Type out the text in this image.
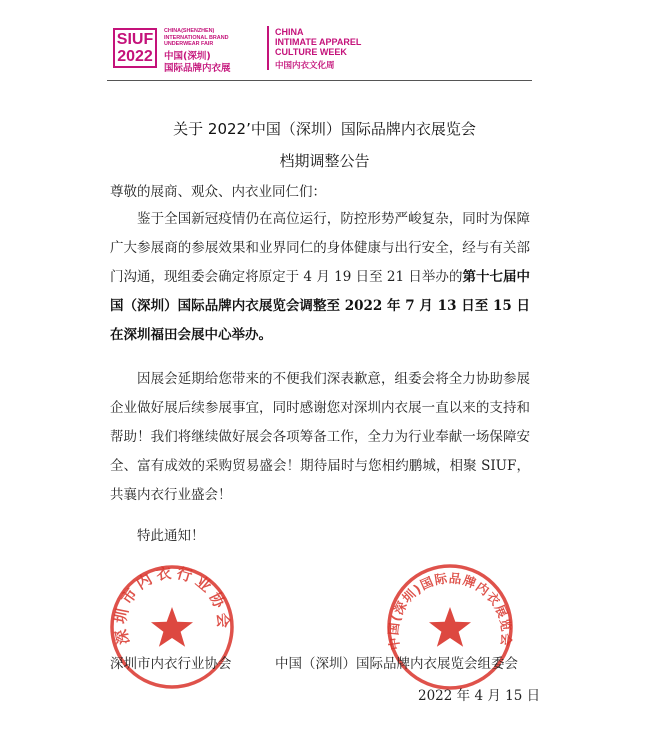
SIUF
2022
CHINA(SHENZHEN)
INTERNATIONAL BRAND
UNDERWEAR FAIR
中国(深圳)
国际品牌内衣展
CHINA
INTIMATE APPAREL
CULTURE WEEK
中国内衣文化周
关于 2022’中国（深圳）国际品牌内衣展览会
档期调整公告
尊敬的展商、观众、内衣业同仁们：
鉴于全国新冠疫情仍在高位运行，防控形势严峻复杂，同时为保障广大参展商的参展效果和业界同仁的身体健康与出行安全，经与有关部门沟通，现组委会确定将原定于 4 月 19 日至 21 日举办的第十七届中国（深圳）国际品牌内衣展览会调整至 2022 年 7 月 13 日至 15 日在深圳福田会展中心举办。
因展会延期给您带来的不便我们深表歉意，组委会将全力协助参展企业做好展后续参展事宜，同时感谢您对深圳内衣展一直以来的支持和帮助！我们将继续做好展会各项筹备工作，全力为行业奉献一场保障安全、富有成效的采购贸易盛会！期待届时与您相约鹏城，相聚 SIUF，共襄内衣行业盛会！
特此通知！
深圳市内衣行业协会
中国(深圳)国际品牌内衣展览会
深圳市内衣行业协会	中国（深圳）国际品牌内衣展览会组委会
2022 年 4 月 15 日
